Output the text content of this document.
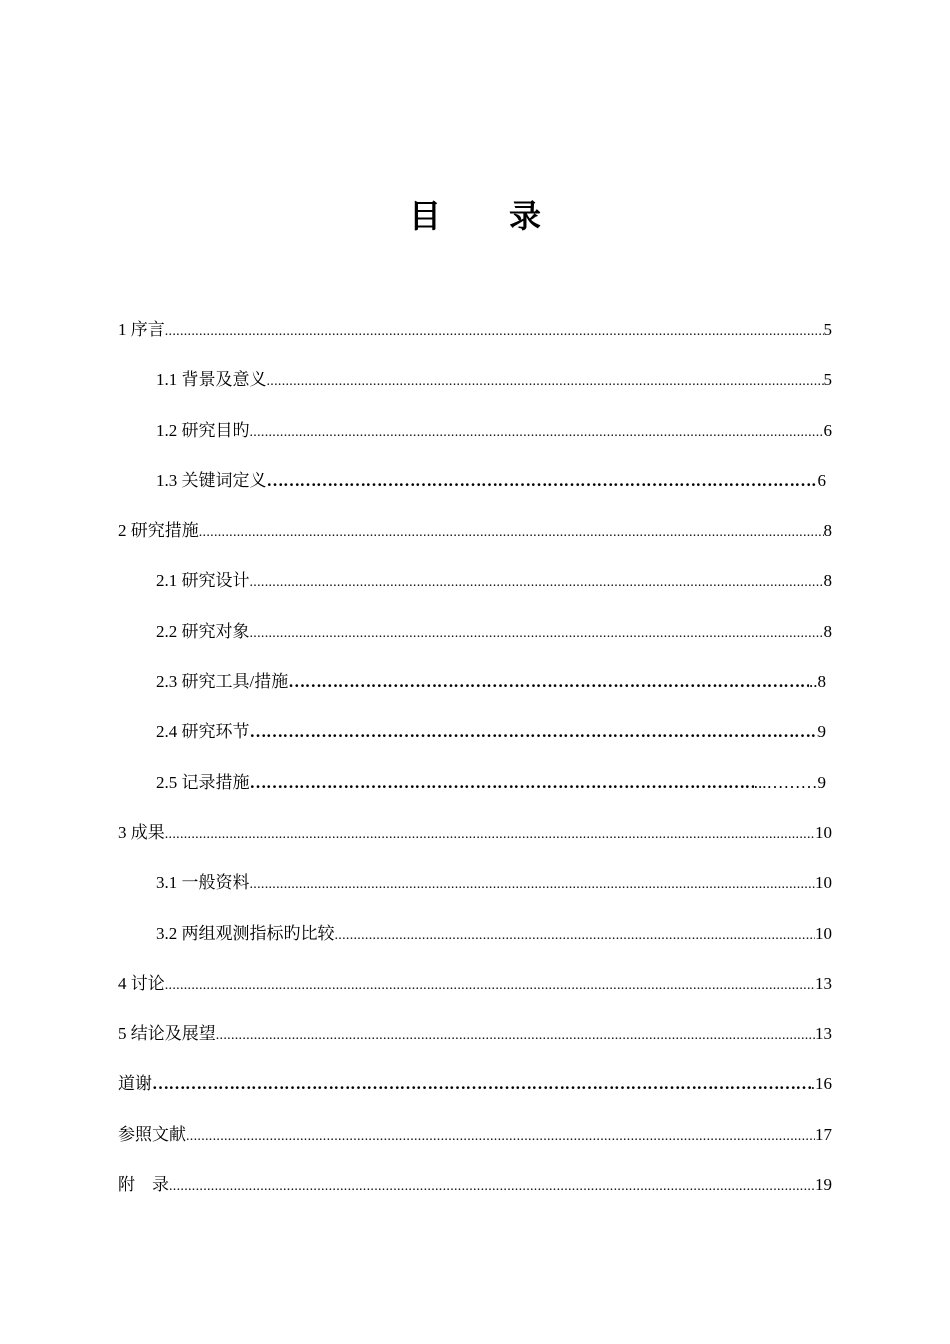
目 录
1 序言 .....	5
1.1 背景及意义 .....	5
1.2 研究目旳 .....	6
1.3 关键词定义 …………………………………………………………………………………………………………………………………………………………………	6
2 研究措施 .....	8
2.1 研究设计 .....	8
2.2 研究对象 .....	8
2.3 研究工具/措施 …………………………………………………………………………………………………………………………………………………………………	..8
2.4 研究环节 …………………………………………………………………………………………………………………………………………………………………	9
2.5 记录措施 …………………………………………………………………………………………………………………………………………………………………	...………9
3 成果 .....	10
3.1 一般资料 .....	10
3.2 两组观测指标旳比较 .....	10
4 讨论 .....	13
5 结论及展望 .....	13
道谢 …………………………………………………………………………………………………………………………………………………………………	.16
参照文献 .....	17
附    录 .....	19
